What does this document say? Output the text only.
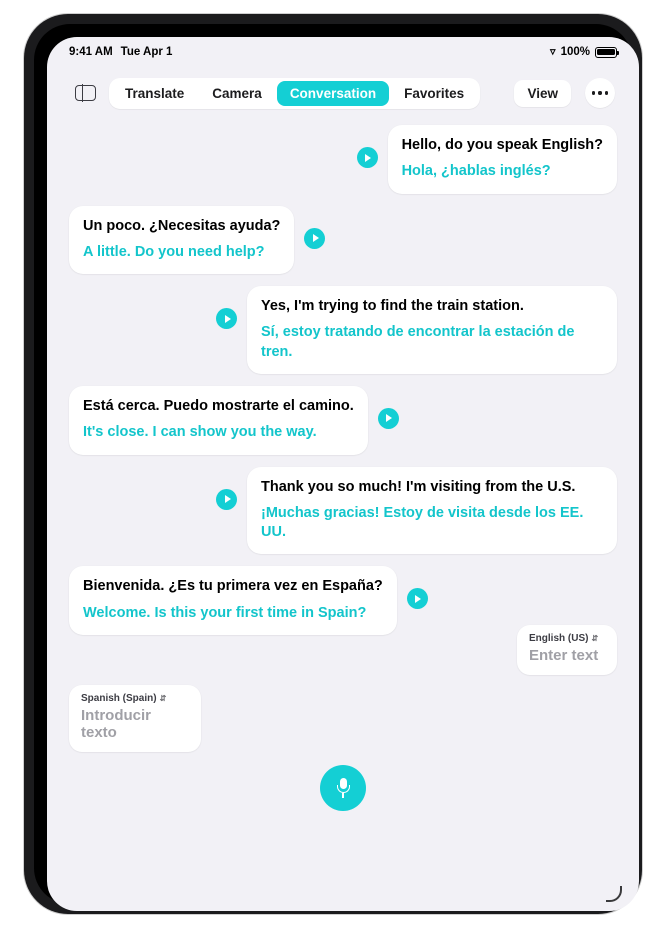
9:41 AM Tue Apr 1	▿ 100%
Translate	Camera	Conversation	Favorites	View
Hello, do you speak English?
Hola, ¿hablas inglés?
Un poco. ¿Necesitas ayuda?
A little. Do you need help?
Yes, I'm trying to find the train station.
Sí, estoy tratando de encontrar la estación de tren.
Está cerca. Puedo mostrarte el camino.
It's close. I can show you the way.
Thank you so much! I'm visiting from the U.S.
¡Muchas gracias! Estoy de visita desde los EE. UU.
Bienvenida. ¿Es tu primera vez en España?
Welcome. Is this your first time in Spain?
English (US) ⇵
Enter text
Spanish (Spain) ⇵
Introducir texto
